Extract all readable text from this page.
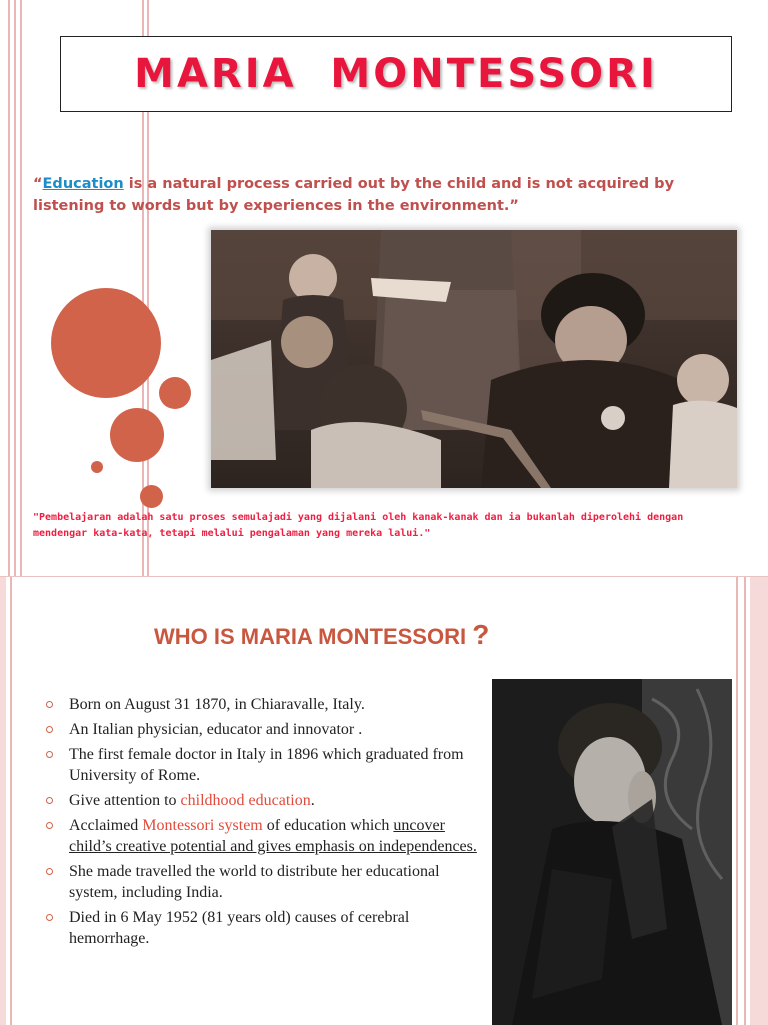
MARIA  MONTESSORI
“Education is a natural process carried out by the child and is not acquired by listening to words but by experiences in the environment.”
"Pembelajaran adalah satu proses semulajadi yang dijalani oleh kanak-kanak dan ia bukanlah diperolehi dengan mendengar kata-kata, tetapi melalui pengalaman yang mereka lalui."
WHO IS MARIA MONTESSORI ?
Born on August 31 1870, in Chiaravalle, Italy.
An Italian physician, educator and innovator .
The first female doctor in Italy in 1896 which graduated from University of Rome.
Give attention to childhood education.
Acclaimed Montessori system of education which uncover child’s creative potential and gives emphasis on independences.
She made travelled the world to distribute her educational system, including India.
Died in 6 May 1952 (81 years old) causes of cerebral hemorrhage.
